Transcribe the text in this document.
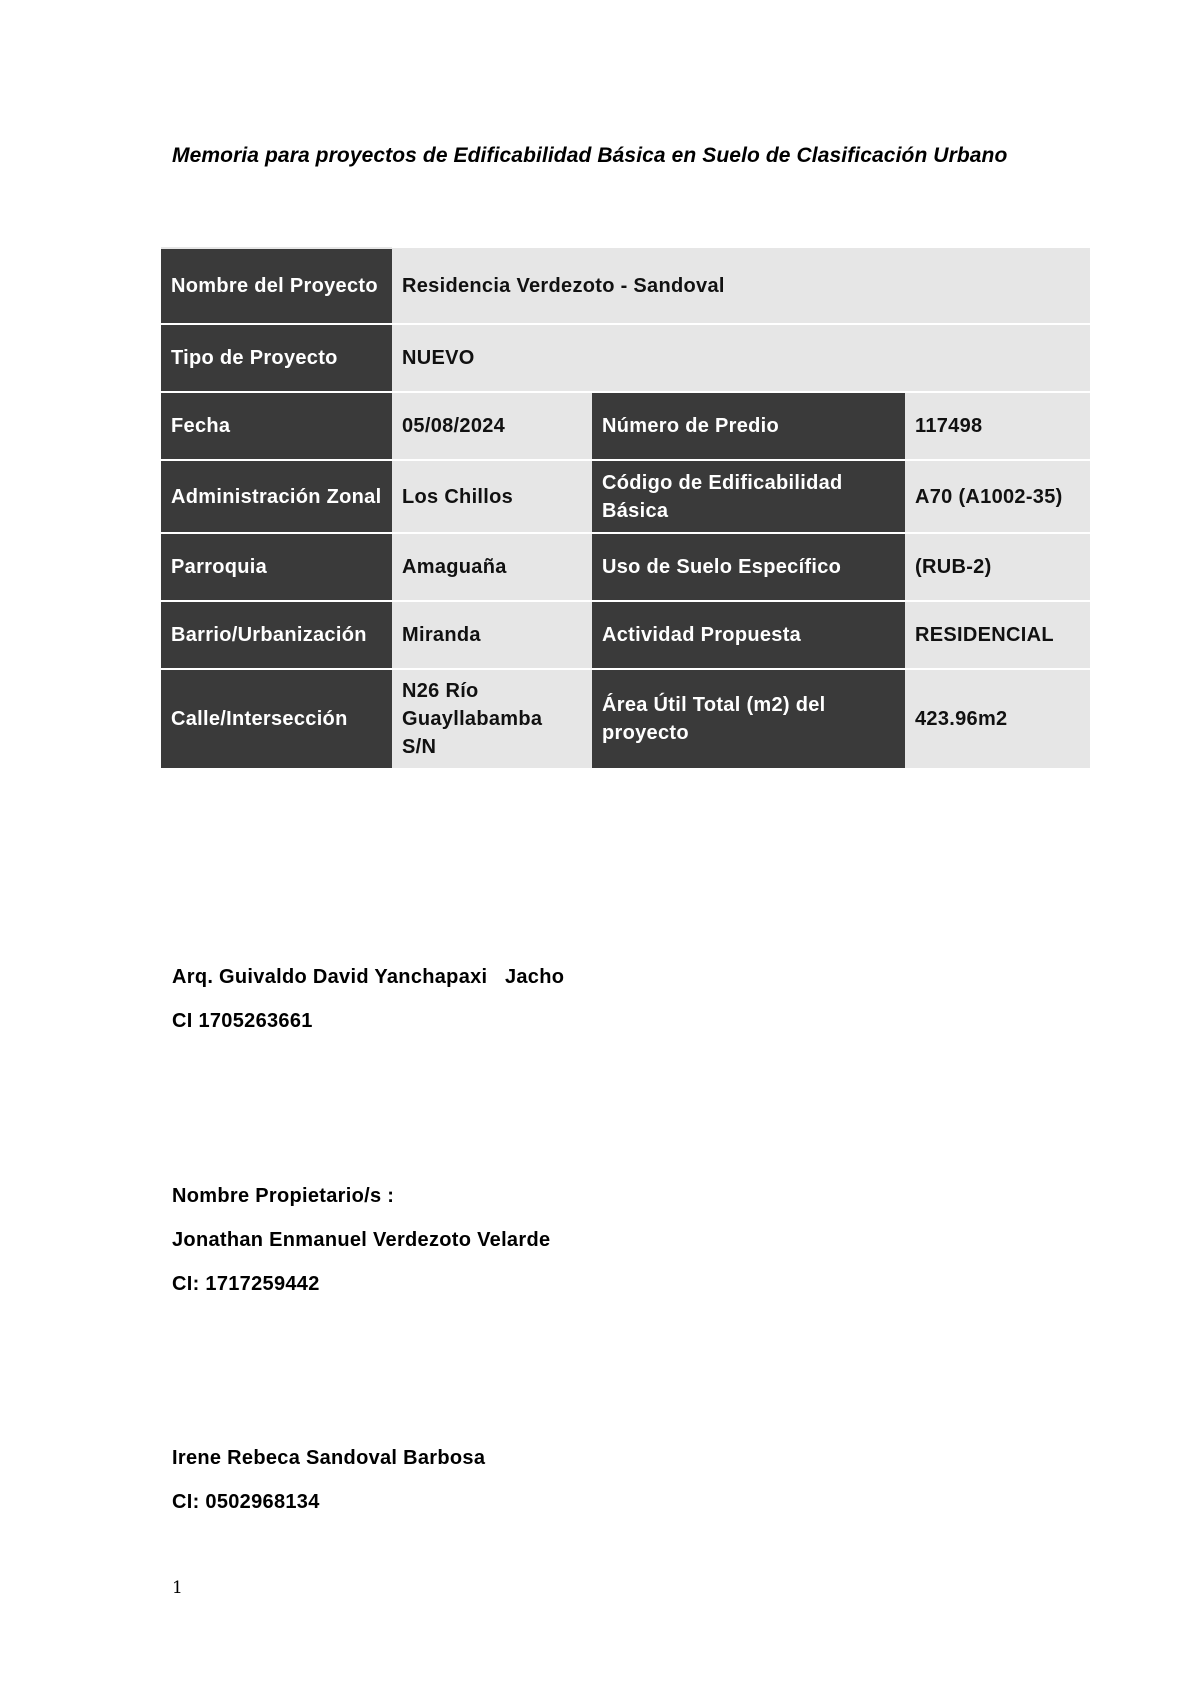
Memoria para proyectos de Edificabilidad Básica en Suelo de Clasificación Urbano

Nombre del Proyecto	Residencia Verdezoto - Sandoval		
Tipo de Proyecto	NUEVO		
Fecha	05/08/2024	Número de Predio	117498
Administración Zonal	Los Chillos	Código de Edificabilidad Básica	A70 (A1002-35)
Parroquia	Amaguaña	Uso de Suelo Específico	(RUB-2)
Barrio/Urbanización	Miranda	Actividad Propuesta	RESIDENCIAL
Calle/Intersección	N26 Río Guayllabamba S/N	Área Útil Total (m2) del proyecto	423.96m2

Arq. Guivaldo David Yanchapaxi   Jacho

CI 1705263661

Nombre Propietario/s :

Jonathan Enmanuel Verdezoto Velarde

CI: 1717259442

Irene Rebeca Sandoval Barbosa

CI: 0502968134

1
